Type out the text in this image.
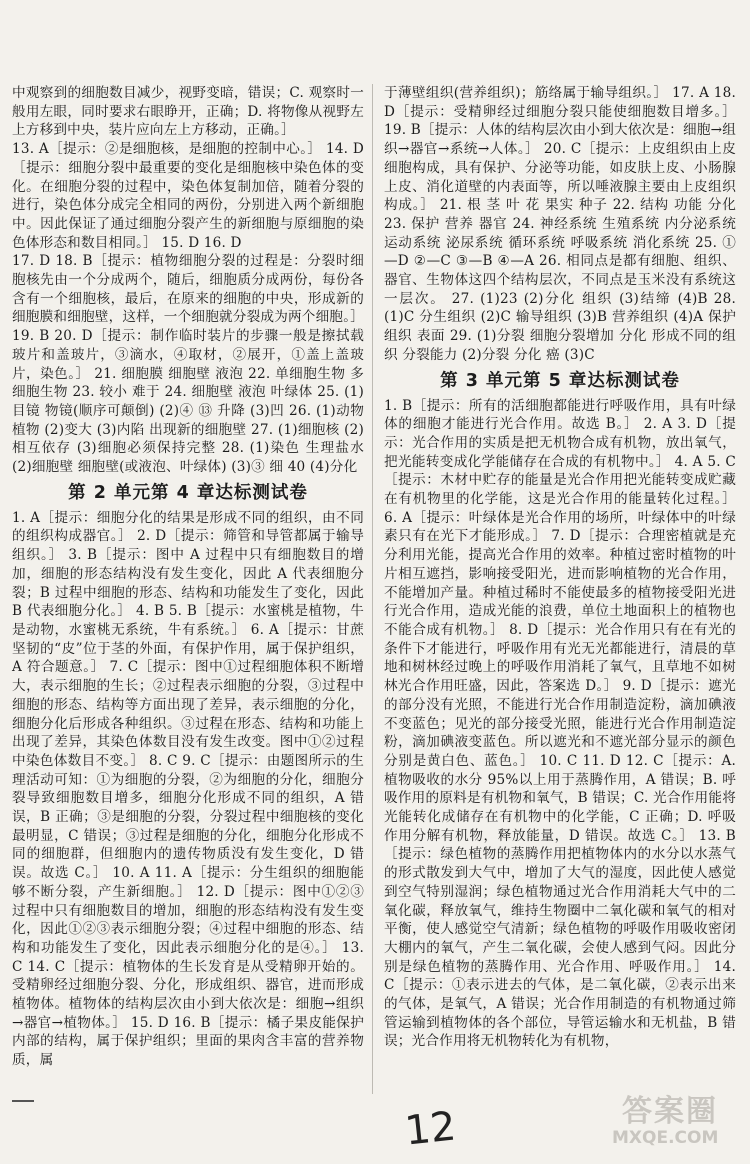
中观察到的细胞数目减少，视野变暗，错误；C. 观察时一般用左眼，同时要求右眼睁开，正确；D. 将物像从视野左上方移到中央，装片应向左上方移动，正确。］

13. A［提示：②是细胞核，是细胞的控制中心。］ 14. D［提示：细胞分裂中最重要的变化是细胞核中染色体的变化。在细胞分裂的过程中，染色体复制加倍，随着分裂的进行，染色体分成完全相同的两份，分别进入两个新细胞中。因此保证了通过细胞分裂产生的新细胞与原细胞的染色体形态和数目相同。］ 15. D 16. D

17. D 18. B［提示：植物细胞分裂的过程是：分裂时细胞核先由一个分成两个，随后，细胞质分成两份，每份各含有一个细胞核，最后，在原来的细胞的中央，形成新的细胞膜和细胞壁，这样，一个细胞就分裂成为两个细胞。］ 19. B 20. D［提示：制作临时装片的步骤一般是擦拭载玻片和盖玻片，③滴水，④取材，②展开，①盖上盖玻片，染色。］ 21. 细胞膜 细胞壁 液泡 22. 单细胞生物 多细胞生物 23. 较小 难于 24. 细胞壁 液泡 叶绿体 25. (1)目镜 物镜(顺序可颠倒) (2)④ ⑬ 升降 (3)凹 26. (1)动物 植物 (2)变大 (3)内陷 出现新的细胞壁 27. (1)细胞核 (2)相互依存 (3)细胞必须保持完整 28. (1)染色 生理盐水 (2)细胞壁 细胞壁(或液泡、叶绿体) (3)③ 细 40 (4)分化

第 2 单元第 4 章达标测试卷

1. A［提示：细胞分化的结果是形成不同的组织，由不同的组织构成器官。］ 2. D［提示：筛管和导管都属于输导组织。］ 3. B［提示：图中 A 过程中只有细胞数目的增加，细胞的形态结构没有发生变化，因此 A 代表细胞分裂；B 过程中细胞的形态、结构和功能发生了变化，因此 B 代表细胞分化。］ 4. B 5. B［提示：水蜜桃是植物，牛是动物，水蜜桃无系统，牛有系统。］ 6. A［提示：甘蔗坚韧的“皮”位于茎的外面，有保护作用，属于保护组织，A 符合题意。］ 7. C［提示：图中①过程细胞体积不断增大，表示细胞的生长；②过程表示细胞的分裂，③过程中细胞的形态、结构等方面出现了差异，表示细胞的分化，细胞分化后形成各种组织。③过程在形态、结构和功能上出现了差异，其染色体数目没有发生改变。图中①②过程中染色体数目不变。］ 8. C 9. C［提示：由题图所示的生理活动可知：①为细胞的分裂，②为细胞的分化，细胞分裂导致细胞数目增多，细胞分化形成不同的组织，A 错误，B 正确；③是细胞的分裂，分裂过程中细胞核的变化最明显，C 错误；③过程是细胞的分化，细胞分化形成不同的细胞群，但细胞内的遗传物质没有发生变化，D 错误。故选 C。］ 10. A 11. A［提示：分生组织的细胞能够不断分裂，产生新细胞。］ 12. D［提示：图中①②③过程中只有细胞数目的增加，细胞的形态结构没有发生变化，因此①②③表示细胞分裂；④过程中细胞的形态、结构和功能发生了变化，因此表示细胞分化的是④。］ 13. C 14. C［提示：植物体的生长发育是从受精卵开始的。受精卵经过细胞分裂、分化，形成组织、器官，进而形成植物体。植物体的结构层次由小到大依次是：细胞→组织→器官→植物体。］ 15. D 16. B［提示：橘子果皮能保护内部的结构，属于保护组织；里面的果肉含丰富的营养物质，属

于薄壁组织(营养组织)；筋络属于输导组织。］ 17. A 18. D［提示：受精卵经过细胞分裂只能使细胞数目增多。］ 19. B［提示：人体的结构层次由小到大依次是：细胞→组织→器官→系统→人体。］ 20. C［提示：上皮组织由上皮细胞构成，具有保护、分泌等功能，如皮肤上皮、小肠腺上皮、消化道壁的内表面等，所以唾液腺主要由上皮组织构成。］ 21. 根 茎 叶 花 果实 种子 22. 结构 功能 分化 23. 保护 营养 器官 24. 神经系统 生殖系统 内分泌系统 运动系统 泌尿系统 循环系统 呼吸系统 消化系统 25. ①—D ②—C ③—B ④—A 26. 相同点是都有细胞、组织、器官、生物体这四个结构层次，不同点是玉米没有系统这一层次。 27. (1)23 (2)分化 组织 (3)结缔 (4)B 28. (1)C 分生组织 (2)C 输导组织 (3)B 营养组织 (4)A 保护组织 表面 29. (1)分裂 细胞分裂增加 分化 形成不同的组织 分裂能力 (2)分裂 分化 癌 (3)C

第 3 单元第 5 章达标测试卷

1. B［提示：所有的活细胞都能进行呼吸作用，具有叶绿体的细胞才能进行光合作用。故选 B。］ 2. A 3. D［提示：光合作用的实质是把无机物合成有机物，放出氧气，把光能转变成化学能储存在合成的有机物中。］ 4. A 5. C［提示：木材中贮存的能量是光合作用把光能转变成贮藏在有机物里的化学能，这是光合作用的能量转化过程。］ 6. A［提示：叶绿体是光合作用的场所，叶绿体中的叶绿素只有在光下才能形成。］ 7. D［提示：合理密植就是充分利用光能，提高光合作用的效率。种植过密时植物的叶片相互遮挡，影响接受阳光，进而影响植物的光合作用，不能增加产量。种植过稀时不能使最多的植物接受阳光进行光合作用，造成光能的浪费，单位土地面积上的植物也不能合成有机物。］ 8. D［提示：光合作用只有在有光的条件下才能进行，呼吸作用有光无光都能进行，清晨的草地和树林经过晚上的呼吸作用消耗了氧气，且草地不如树林光合作用旺盛，因此，答案选 D。］ 9. D［提示：遮光的部分没有光照，不能进行光合作用制造淀粉，滴加碘液不变蓝色；见光的部分接受光照，能进行光合作用制造淀粉，滴加碘液变蓝色。所以遮光和不遮光部分显示的颜色分别是黄白色、蓝色。］ 10. C 11. D 12. C［提示：A. 植物吸收的水分 95%以上用于蒸腾作用，A 错误；B. 呼吸作用的原料是有机物和氧气，B 错误；C. 光合作用能将光能转化成储存在有机物中的化学能，C 正确；D. 呼吸作用分解有机物，释放能量，D 错误。故选 C。］ 13. B［提示：绿色植物的蒸腾作用把植物体内的水分以水蒸气的形式散发到大气中，增加了大气的湿度，因此使人感觉到空气特别湿润；绿色植物通过光合作用消耗大气中的二氧化碳，释放氧气，维持生物圈中二氧化碳和氧气的相对平衡，使人感觉空气清新；绿色植物的呼吸作用吸收密闭大棚内的氧气，产生二氧化碳，会使人感到气闷。因此分别是绿色植物的蒸腾作用、光合作用、呼吸作用。］ 14. C［提示：①表示进去的气体，是二氧化碳，②表示出来的气体，是氧气，A 错误；光合作用制造的有机物通过筛管运输到植物体的各个部位，导管运输水和无机盐，B 错误；光合作用将无机物转化为有机物，

12	答案圈
MXQE.COM
